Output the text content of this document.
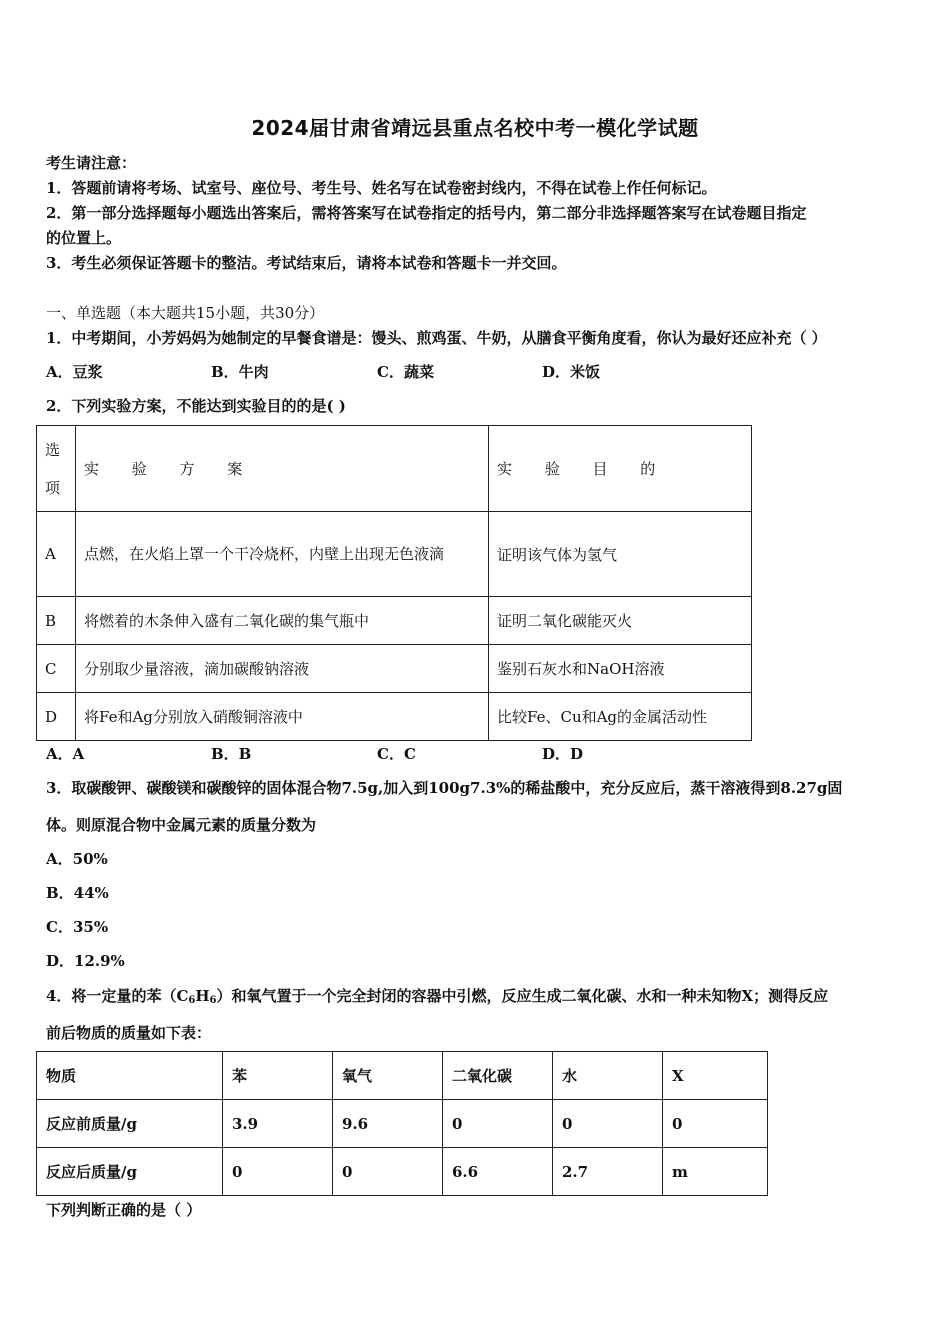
2024届甘肃省靖远县重点名校中考一模化学试题
考生请注意：
1．答题前请将考场、试室号、座位号、考生号、姓名写在试卷密封线内，不得在试卷上作任何标记。
2．第一部分选择题每小题选出答案后，需将答案写在试卷指定的括号内，第二部分非选择题答案写在试卷题目指定
的位置上。
3．考生必须保证答题卡的整洁。考试结束后，请将本试卷和答题卡一并交回。
一、单选题（本大题共15小题，共30分）
1．中考期间，小芳妈妈为她制定的早餐食谱是：馒头、煎鸡蛋、牛奶，从膳食平衡角度看，你认为最好还应补充（ ）
A．豆浆	B．牛肉	C．蔬菜	D．米饭
2．下列实验方案，不能达到实验目的的是( )
选项	实 验 方 案	实 验 目 的
A	点燃，在火焰上罩一个干冷烧杯，内壁上出现无色液滴	证明该气体为氢气
B	将燃着的木条伸入盛有二氧化碳的集气瓶中	证明二氧化碳能灭火
C	分别取少量溶液，滴加碳酸钠溶液	鉴别石灰水和NaOH溶液
D	将Fe和Ag分别放入硝酸铜溶液中	比较Fe、Cu和Ag的金属活动性
A．A	B．B	C．C	D．D
3．取碳酸钾、碳酸镁和碳酸锌的固体混合物7.5g,加入到100g7.3%的稀盐酸中，充分反应后，蒸干溶液得到8.27g固
体。则原混合物中金属元素的质量分数为
A．50%
B．44%
C．35%
D．12.9%
4．将一定量的苯$(C_6H_6)$和氧气置于一个完全封闭的容器中引燃，反应生成二氧化碳、水和一种未知物X；测得反应
前后物质的质量如下表：
物质	苯	氧气	二氧化碳	水	X
反应前质量/g	3.9	9.6	0	0	0
反应后质量/g	0	0	6.6	2.7	m
下列判断正确的是（ ）
